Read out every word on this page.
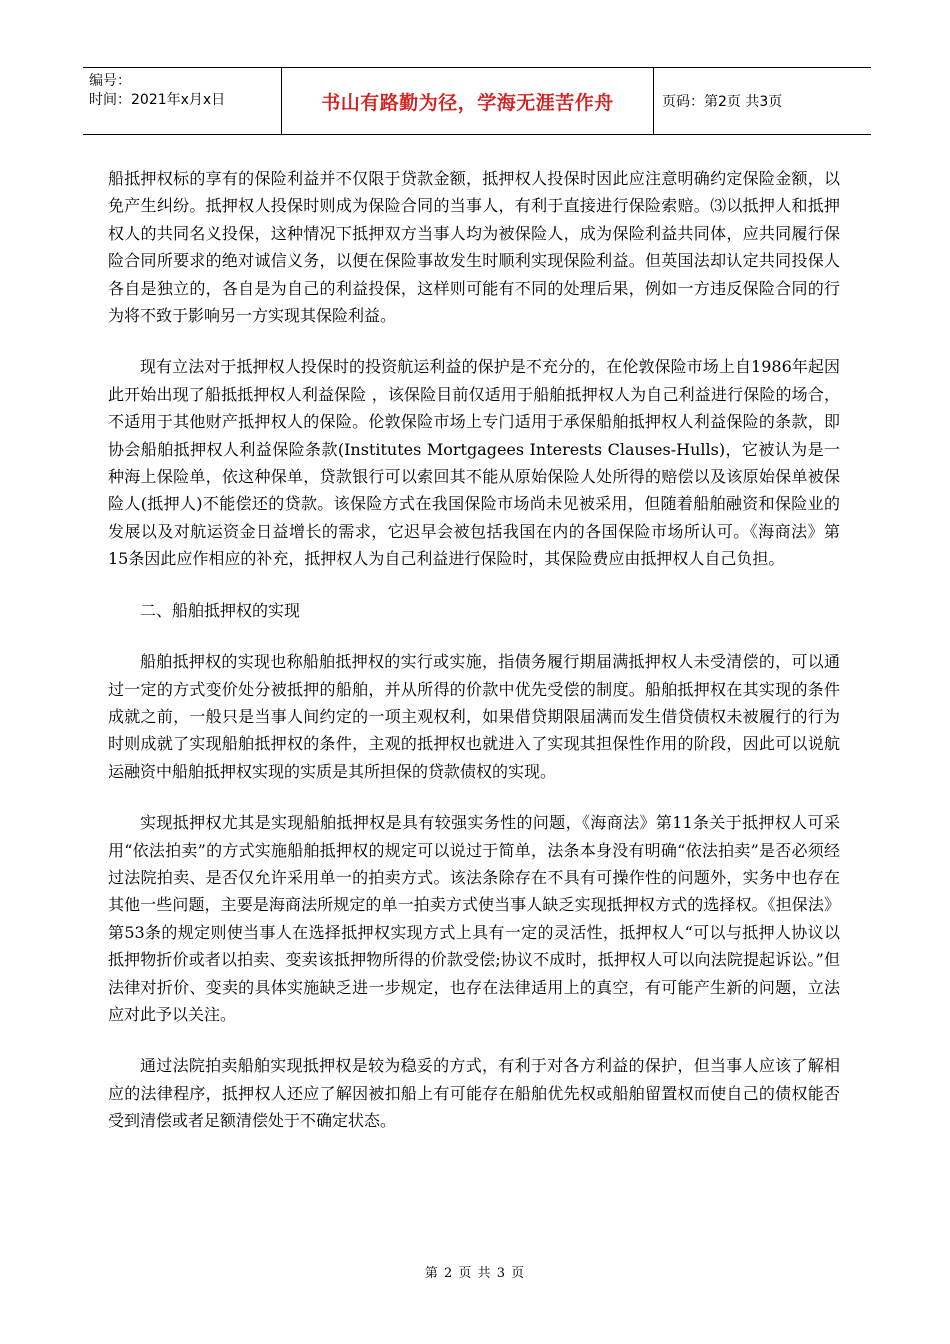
编号：
时间：2021年x月x日	书山有路勤为径，学海无涯苦作舟	页码：第2页 共3页

船抵押权标的享有的保险利益并不仅限于贷款金额，抵押权人投保时因此应注意明确约定保险金额，以免产生纠纷。抵押权人投保时则成为保险合同的当事人，有利于直接进行保险索赔。⑶以抵押人和抵押权人的共同名义投保，这种情况下抵押双方当事人均为被保险人，成为保险利益共同体，应共同履行保险合同所要求的绝对诚信义务，以便在保险事故发生时顺利实现保险利益。但英国法却认定共同投保人各自是独立的，各自是为自己的利益投保，这样则可能有不同的处理后果，例如一方违反保险合同的行为将不致于影响另一方实现其保险利益。

现有立法对于抵押权人投保时的投资航运利益的保护是不充分的，在伦敦保险市场上自1986年起因此开始出现了船抵抵押权人利益保险 ，该保险目前仅适用于船舶抵押权人为自己利益进行保险的场合，不适用于其他财产抵押权人的保险。伦敦保险市场上专门适用于承保船舶抵押权人利益保险的条款，即协会船舶抵押权人利益保险条款(Institutes Mortgagees Interests Clauses-Hulls)，它被认为是一种海上保险单，依这种保单，贷款银行可以索回其不能从原始保险人处所得的赔偿以及该原始保单被保险人(抵押人)不能偿还的贷款。该保险方式在我国保险市场尚未见被采用，但随着船舶融资和保险业的发展以及对航运资金日益增长的需求，它迟早会被包括我国在内的各国保险市场所认可。《海商法》第15条因此应作相应的补充，抵押权人为自己利益进行保险时，其保险费应由抵押权人自己负担。

二、船舶抵押权的实现

船舶抵押权的实现也称船舶抵押权的实行或实施，指债务履行期届满抵押权人未受清偿的，可以通过一定的方式变价处分被抵押的船舶，并从所得的价款中优先受偿的制度。船舶抵押权在其实现的条件成就之前，一般只是当事人间约定的一项主观权利，如果借贷期限届满而发生借贷债权未被履行的行为时则成就了实现船舶抵押权的条件，主观的抵押权也就进入了实现其担保性作用的阶段，因此可以说航运融资中船舶抵押权实现的实质是其所担保的贷款债权的实现。

实现抵押权尤其是实现船舶抵押权是具有较强实务性的问题，《海商法》第11条关于抵押权人可采用“依法拍卖”的方式实施船舶抵押权的规定可以说过于简单，法条本身没有明确“依法拍卖”是否必须经过法院拍卖、是否仅允许采用单一的拍卖方式。该法条除存在不具有可操作性的问题外，实务中也存在其他一些问题，主要是海商法所规定的单一拍卖方式使当事人缺乏实现抵押权方式的选择权。《担保法》第53条的规定则使当事人在选择抵押权实现方式上具有一定的灵活性，抵押权人“可以与抵押人协议以抵押物折价或者以拍卖、变卖该抵押物所得的价款受偿;协议不成时，抵押权人可以向法院提起诉讼。”但法律对折价、变卖的具体实施缺乏进一步规定，也存在法律适用上的真空，有可能产生新的问题，立法应对此予以关注。

通过法院拍卖船舶实现抵押权是较为稳妥的方式，有利于对各方利益的保护，但当事人应该了解相应的法律程序，抵押权人还应了解因被扣船上有可能存在船舶优先权或船舶留置权而使自己的债权能否受到清偿或者足额清偿处于不确定状态。

第 2 页 共 3 页
